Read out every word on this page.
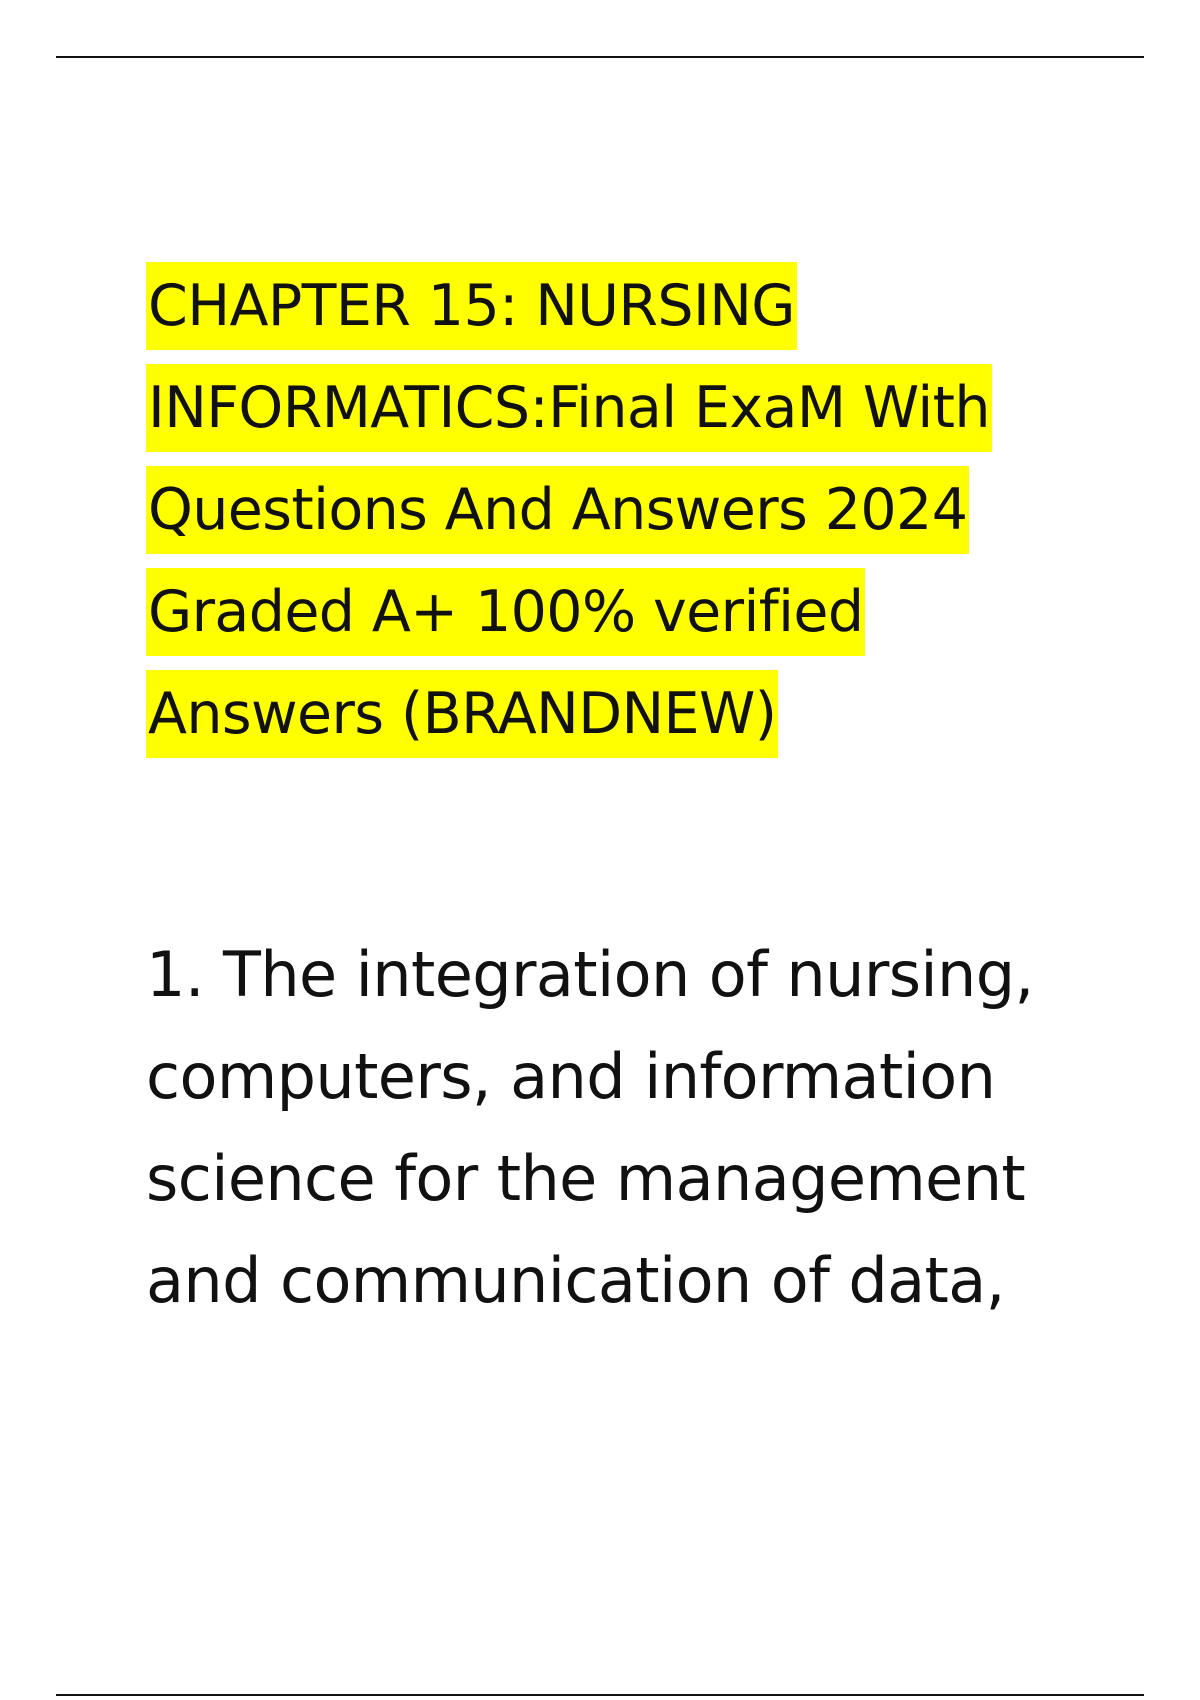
CHAPTER 15: NURSING
INFORMATICS:Final ExaM With
Questions And Answers 2024
Graded A+ 100% verified
Answers (BRANDNEW)
1. The integration of nursing,
computers, and information
science for the management
and communication of data,
